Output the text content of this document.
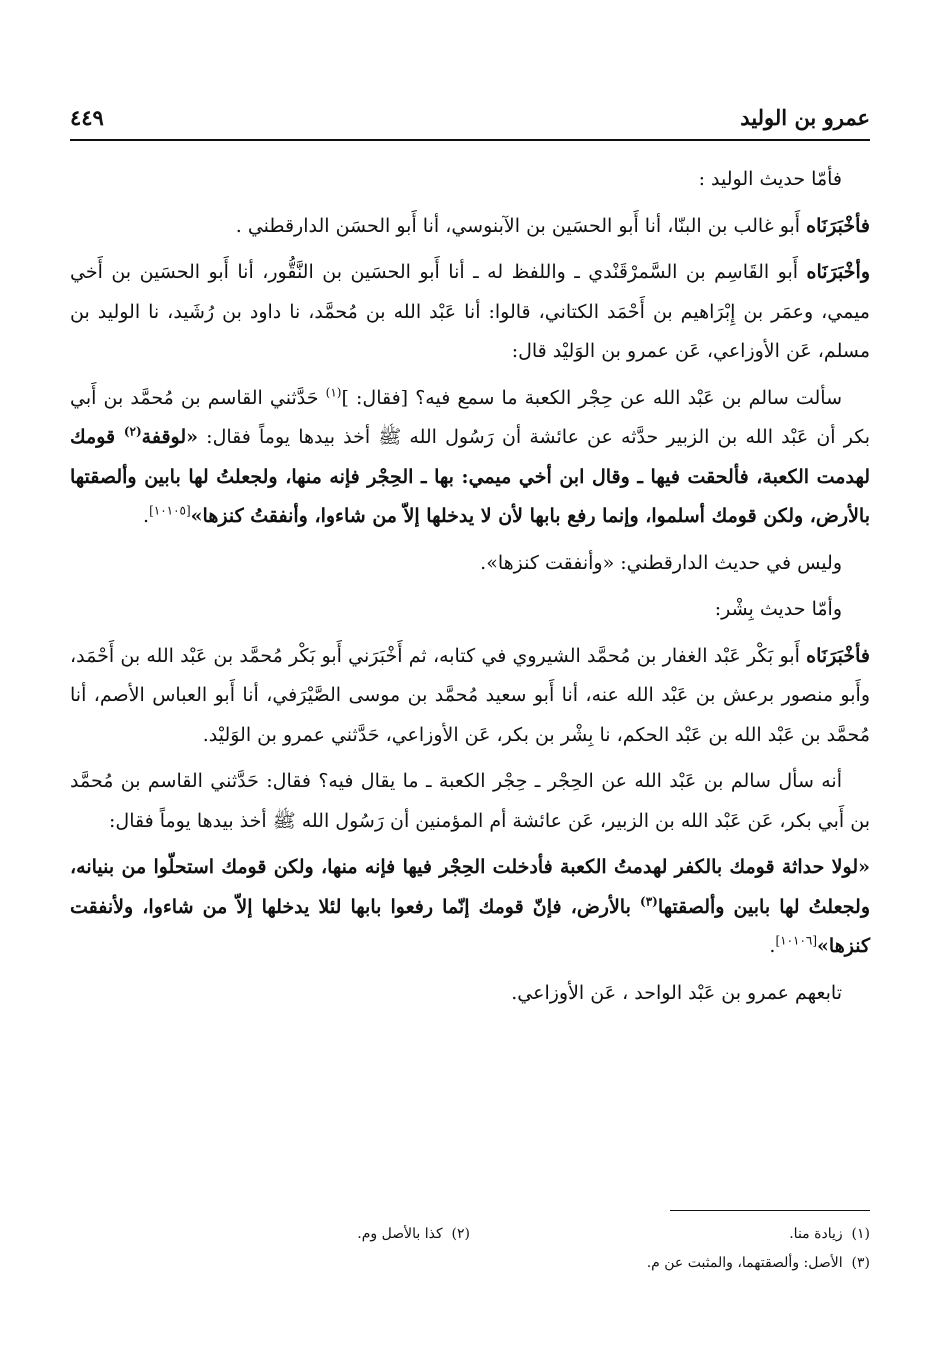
عمرو بن الوليد
٤٤٩

فأمّا حديث الوليد :

فأخْبَرَنَاه أَبو غالب بن البنّا، أنا أَبو الحسَين بن الآبنوسي، أنا أَبو الحسَن الدارقطني .

وأخْبَرَنَاه أَبو القَاسِم بن السَّمرْقَنْدي ـ واللفظ له ـ أنا أَبو الحسَين بن النَّقُّور، أنا أَبو الحسَين بن أَخي ميمي، وعمَر بن إِبْرَاهيم بن أَحْمَد الكتاني، قالوا: أنا عَبْد الله بن مُحمَّد، نا داود بن رُشَيد، نا الوليد بن مسلم، عَن الأوزاعي، عَن عمرو بن الوَليْد قال:

سألت سالم بن عَبْد الله عن حِجْر الكعبة ما سمع فيه؟ [فقال: ]$^{(١)}$ حَدَّثني القاسم بن مُحمَّد بن أَبي بكر أن عَبْد الله بن الزبير حدَّثه عن عائشة أن رَسُول الله ﷺ أخذ بيدها يوماً فقال: «لوقفة$^{(٢)}$ قومك لهدمت الكعبة، فألحقت فيها ـ وقال ابن أخي ميمي: بها ـ الحِجْر فإنه منها، ولجعلتُ لها بابين وألصقتها بالأرض، ولكن قومك أسلموا، وإنما رفع بابها لأن لا يدخلها إلاّ من شاءوا، وأنفقتُ كنزها»[١٠١٠٥].

وليس في حديث الدارقطني: «وأنفقت كنزها».

وأمّا حديث بِشْر:

فأخْبَرَنَاه أَبو بَكْر عَبْد الغفار بن مُحمَّد الشيروي في كتابه، ثم أَخْبَرَني أَبو بَكْر مُحمَّد بن عَبْد الله بن أَحْمَد، وأَبو منصور برعش بن عَبْد الله عنه، أنا أَبو سعيد مُحمَّد بن موسى الصَّيْرَفي، أنا أَبو العباس الأصم، أنا مُحمَّد بن عَبْد الله بن عَبْد الحكم، نا بِشْر بن بكر، عَن الأوزاعي، حَدَّثني عمرو بن الوَليْد.

أنه سأل سالم بن عَبْد الله عن الحِجْر ـ حِجْر الكعبة ـ ما يقال فيه؟ فقال: حَدَّثني القاسم بن مُحمَّد بن أَبي بكر، عَن عَبْد الله بن الزبير، عَن عائشة أم المؤمنين أن رَسُول الله ﷺ أخذ بيدها يوماً فقال:

«لولا حداثة قومك بالكفر لهدمتُ الكعبة فأدخلت الحِجْر فيها فإنه منها، ولكن قومك استحلّوا من بنيانه، ولجعلتُ لها بابين وألصقتها$^{(٣)}$ بالأرض، فإنّ قومك إنّما رفعوا بابها لئلا يدخلها إلاّ من شاءوا، ولأنفقت كنزها»[١٠١٠٦].

تابعهم عمرو بن عَبْد الواحد ، عَن الأوزاعي.

(١)  زيادة منا.
(٢)  كذا بالأصل وم.
(٣)  الأصل: وألصقتهما، والمثبت عن م.
